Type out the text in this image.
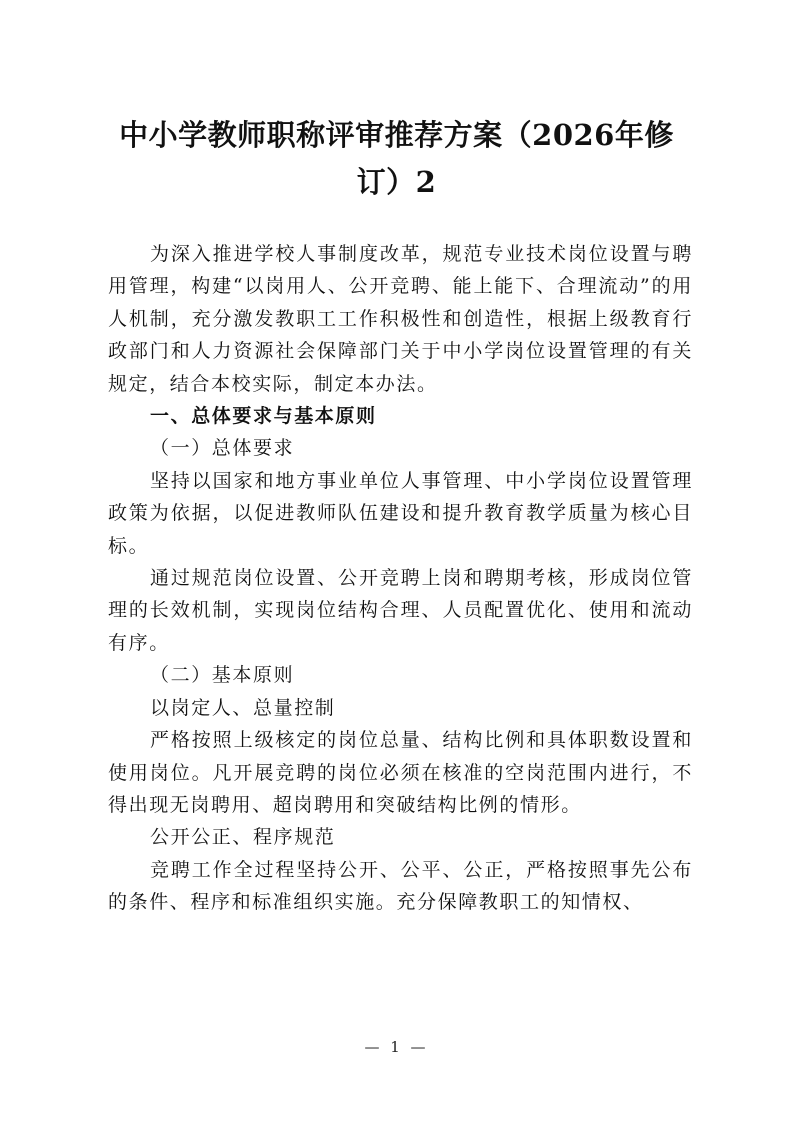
中小学教师职称评审推荐方案（2026年修订）2

为深入推进学校人事制度改革，规范专业技术岗位设置与聘用管理，构建“以岗用人、公开竞聘、能上能下、合理流动”的用人机制，充分激发教职工工作积极性和创造性，根据上级教育行政部门和人力资源社会保障部门关于中小学岗位设置管理的有关规定，结合本校实际，制定本办法。

一、总体要求与基本原则

（一）总体要求

坚持以国家和地方事业单位人事管理、中小学岗位设置管理政策为依据，以促进教师队伍建设和提升教育教学质量为核心目标。

通过规范岗位设置、公开竞聘上岗和聘期考核，形成岗位管理的长效机制，实现岗位结构合理、人员配置优化、使用和流动有序。

（二）基本原则

以岗定人、总量控制

严格按照上级核定的岗位总量、结构比例和具体职数设置和使用岗位。凡开展竞聘的岗位必须在核准的空岗范围内进行，不得出现无岗聘用、超岗聘用和突破结构比例的情形。

公开公正、程序规范

竞聘工作全过程坚持公开、公平、公正，严格按照事先公布的条件、程序和标准组织实施。充分保障教职工的知情权、

— 1 —
